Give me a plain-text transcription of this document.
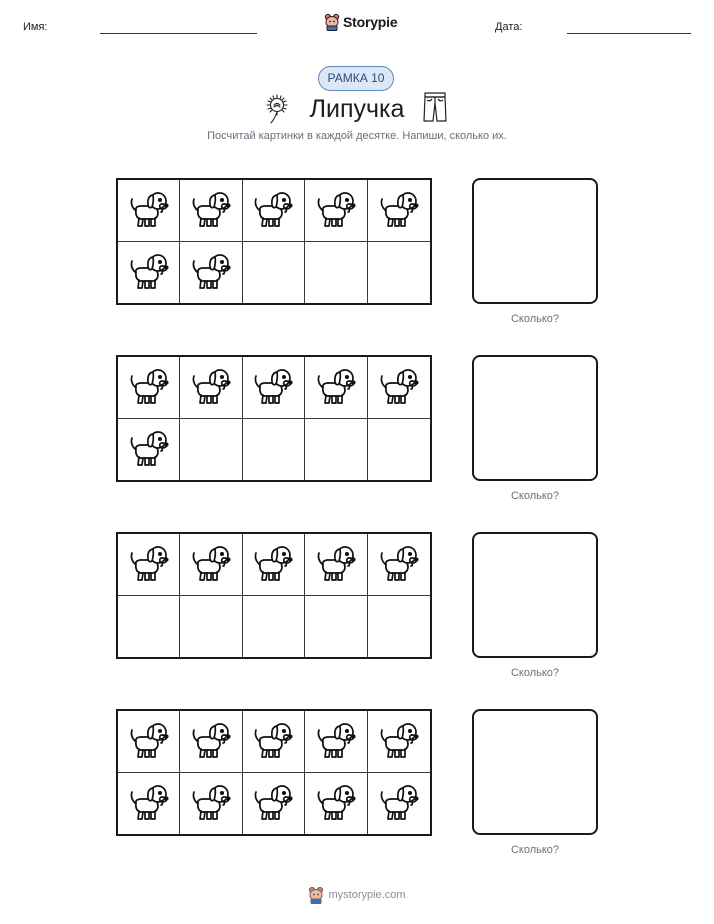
Имя:	Storypie	Дата:
РАМКА 10
Липучка
Посчитай картинки в каждой десятке. Напиши, сколько их.
Сколько?
Сколько?
Сколько?
Сколько?
mystorypie.com
